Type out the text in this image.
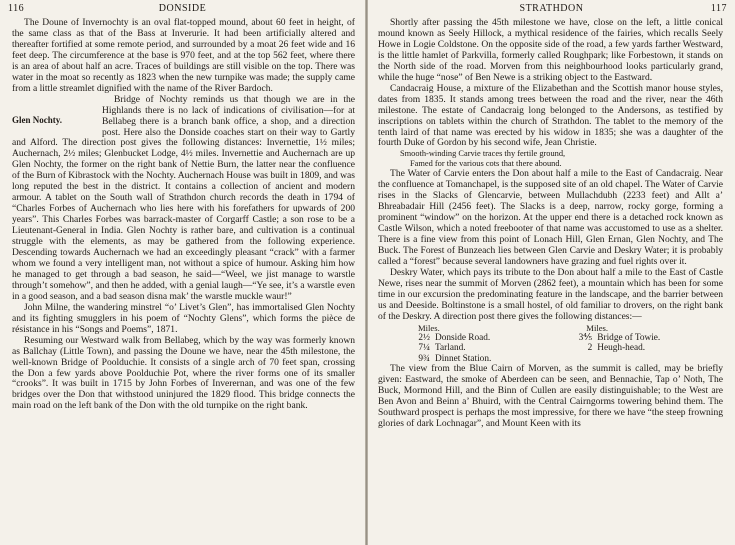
116	DONSIDE

The Doune of Invernochty is an oval flat-topped mound, about 60 feet in height, of the same class as that of the Bass at Inverurie. It had been artificially altered and thereafter fortified at some remote period, and surrounded by a moat 26 feet wide and 16 feet deep. The circumference at the base is 970 feet, and at the top 562 feet, where there is an area of about half an acre. Traces of buildings are still visible on the top. There was water in the moat so recently as 1823 when the new turnpike was made; the supply came from a little streamlet dignified with the name of the River Bardoch.

Glen Nochty.

Bridge of Nochty reminds us that though we are in the Highlands there is no lack of indications of civilisation—for at Bellabeg there is a branch bank office, a shop, and a direction post. Here also the Donside coaches start on their way to Gartly and Alford. The direction post gives the following distances: Invernettie, 1½ miles; Auchernach, 2½ miles; Glenbucket Lodge, 4½ miles. Invernettie and Auchernach are up Glen Nochty, the former on the right bank of Nettie Burn, the latter near the confluence of the Burn of Kibrastock with the Nochty. Auchernach House was built in 1809, and was long reputed the best in the district. It contains a collection of ancient and modern armour. A tablet on the South wall of Strathdon church records the death in 1794 of “Charles Forbes of Auchernach who lies here with his forefathers for upwards of 200 years”. This Charles Forbes was barrack-master of Corgarff Castle; a son rose to be a Lieutenant-General in India. Glen Nochty is rather bare, and cultivation is a continual struggle with the elements, as may be gathered from the following experience. Descending towards Auchernach we had an exceedingly pleasant “crack” with a farmer whom we found a very intelligent man, not without a spice of humour. Asking him how he managed to get through a bad season, he said—“Weel, we jist manage to warstle through’t somehow”, and then he added, with a genial laugh—“Ye see, it’s a warstle even in a good season, and a bad season disna mak’ the warstle muckle waur!”

John Milne, the wandering minstrel “o’ Livet’s Glen”, has immortalised Glen Nochty and its fighting smugglers in his poem of “Nochty Glens”, which forms the pièce de résistance in his “Songs and Poems”, 1871.

Resuming our Westward walk from Bellabeg, which by the way was formerly known as Ballchay (Little Town), and passing the Doune we have, near the 45th milestone, the well-known Bridge of Poolduchie. It consists of a single arch of 70 feet span, crossing the Don a few yards above Poolduchie Pot, where the river forms one of its smaller “crooks”. It was built in 1715 by John Forbes of Inverernan, and was one of the few bridges over the Don that withstood uninjured the 1829 flood. This bridge connects the main road on the left bank of the Don with the old turnpike on the right bank.

STRATHDON	117

Shortly after passing the 45th milestone we have, close on the left, a little conical mound known as Seely Hillock, a mythical residence of the fairies, which recalls Seely Howe in Logie Coldstone. On the opposite side of the road, a few yards farther Westward, is the little hamlet of Parkvilla, formerly called Roughpark; like Forbestown, it stands on the North side of the road. Morven from this neighbourhood looks particularly grand, while the huge “nose” of Ben Newe is a striking object to the Eastward.

Candacraig House, a mixture of the Elizabethan and the Scottish manor house styles, dates from 1835. It stands among trees between the road and the river, near the 46th milestone. The estate of Candacraig long belonged to the Andersons, as testified by inscriptions on tablets within the church of Strathdon. The tablet to the memory of the tenth laird of that name was erected by his widow in 1835; she was a daughter of the fourth Duke of Gordon by his second wife, Jean Christie.

Smooth-winding Carvie traces thy fertile ground,

Famed for the various cots that there abound.

The Water of Carvie enters the Don about half a mile to the East of Candacraig. Near the confluence at Tomanchapel, is the supposed site of an old chapel. The Water of Carvie rises in the Slacks of Glencarvie, between Mullachdubh (2233 feet) and Allt a’ Bhreabadair Hill (2456 feet). The Slacks is a deep, narrow, rocky gorge, forming a prominent “window” on the horizon. At the upper end there is a detached rock known as Castle Wilson, which a noted freebooter of that name was accustomed to use as a shelter. There is a fine view from this point of Lonach Hill, Glen Ernan, Glen Nochty, and The Buck. The Forest of Bunzeach lies between Glen Carvie and Deskry Water; it is probably called a “forest” because several landowners have grazing and fuel rights over it.

Deskry Water, which pays its tribute to the Don about half a mile to the East of Castle Newe, rises near the summit of Morven (2862 feet), a mountain which has been for some time in our excursion the predominating feature in the landscape, and the barrier between us and Deeside. Boltinstone is a small hostel, of old familiar to drovers, on the right bank of the Deskry. A direction post there gives the following distances:—

Miles.	Miles.
2½ Donside Road.	3⅘ Bridge of Towie.
7¼ Tarland.	2 Heugh-head.
9¾ Dinnet Station.	

The view from the Blue Cairn of Morven, as the summit is called, may be briefly given: Eastward, the smoke of Aberdeen can be seen, and Bennachie, Tap o’ Noth, The Buck, Mormond Hill, and the Binn of Cullen are easily distinguishable; to the West are Ben Avon and Beinn a’ Bhuird, with the Central Cairngorms towering behind them. The Southward prospect is perhaps the most impressive, for there we have “the steep frowning glories of dark Lochnagar”, and Mount Keen with its
